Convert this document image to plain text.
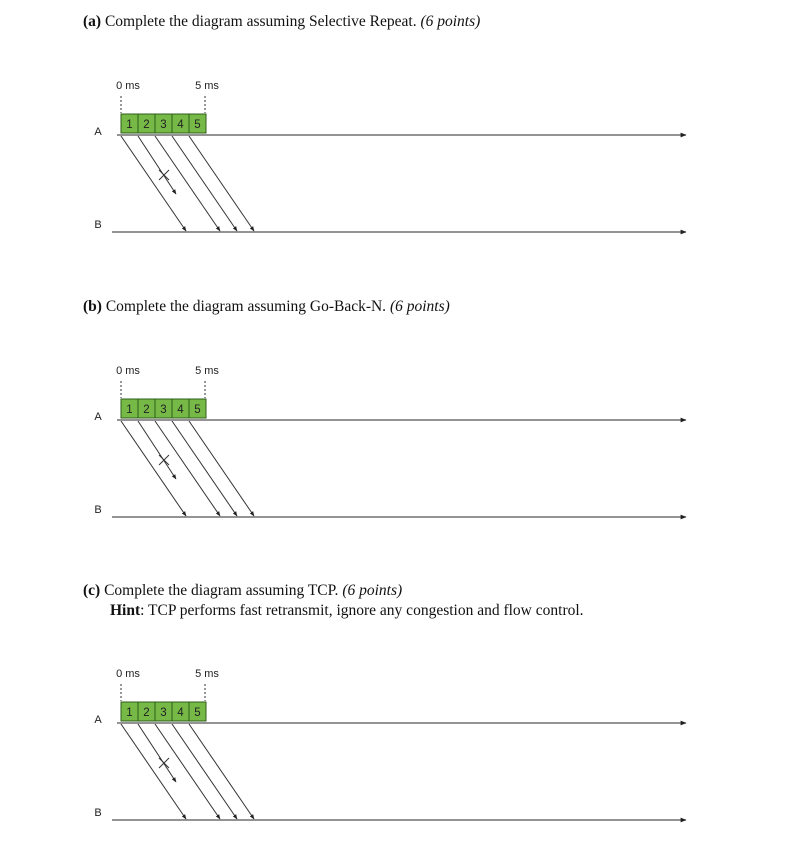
(a) Complete the diagram assuming Selective Repeat. (6 points)
0 ms	5 ms
A
B
1 2 3 4 5
(b) Complete the diagram assuming Go-Back-N. (6 points)
0 ms	5 ms
A
B
1 2 3 4 5
(c) Complete the diagram assuming TCP. (6 points)
Hint: TCP performs fast retransmit, ignore any congestion and flow control.
0 ms	5 ms
A
B
1 2 3 4 5
